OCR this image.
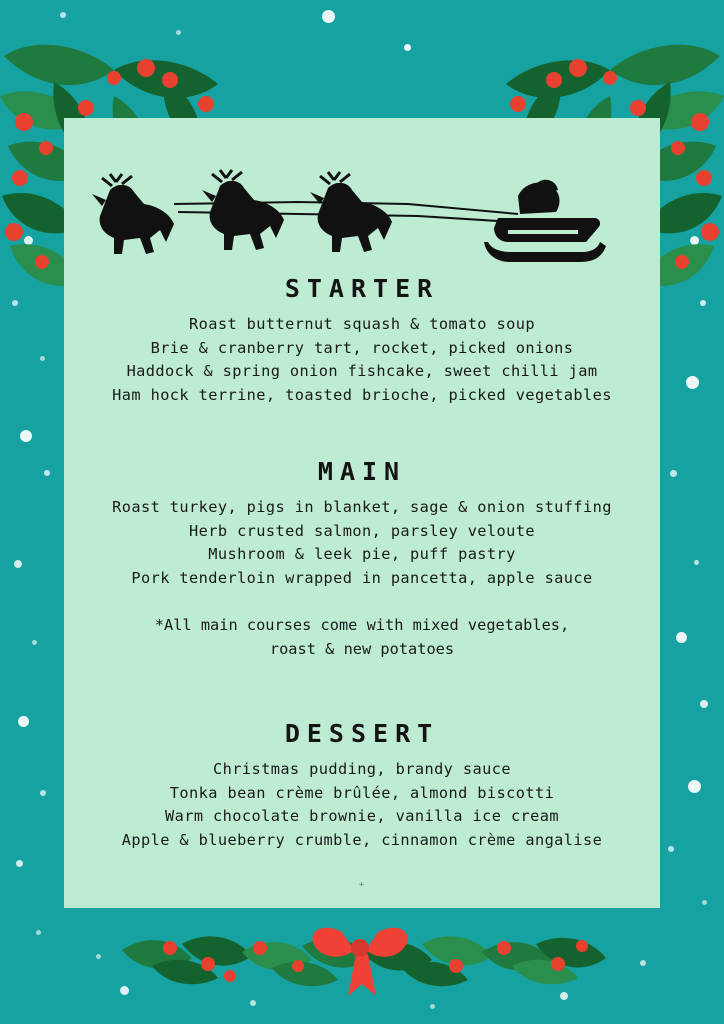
STARTER
Roast butternut squash & tomato soup
Brie & cranberry tart, rocket, picked onions
Haddock & spring onion fishcake, sweet chilli jam
Ham hock terrine, toasted brioche, picked vegetables
MAIN
Roast turkey, pigs in blanket, sage & onion stuffing
Herb crusted salmon, parsley veloute
Mushroom & leek pie, puff pastry
Pork tenderloin wrapped in pancetta, apple sauce
*All main courses come with mixed vegetables,
roast & new potatoes
DESSERT
Christmas pudding, brandy sauce
Tonka bean crème brûlée, almond biscotti
Warm chocolate brownie, vanilla ice cream
Apple & blueberry crumble, cinnamon crème angalise
+
